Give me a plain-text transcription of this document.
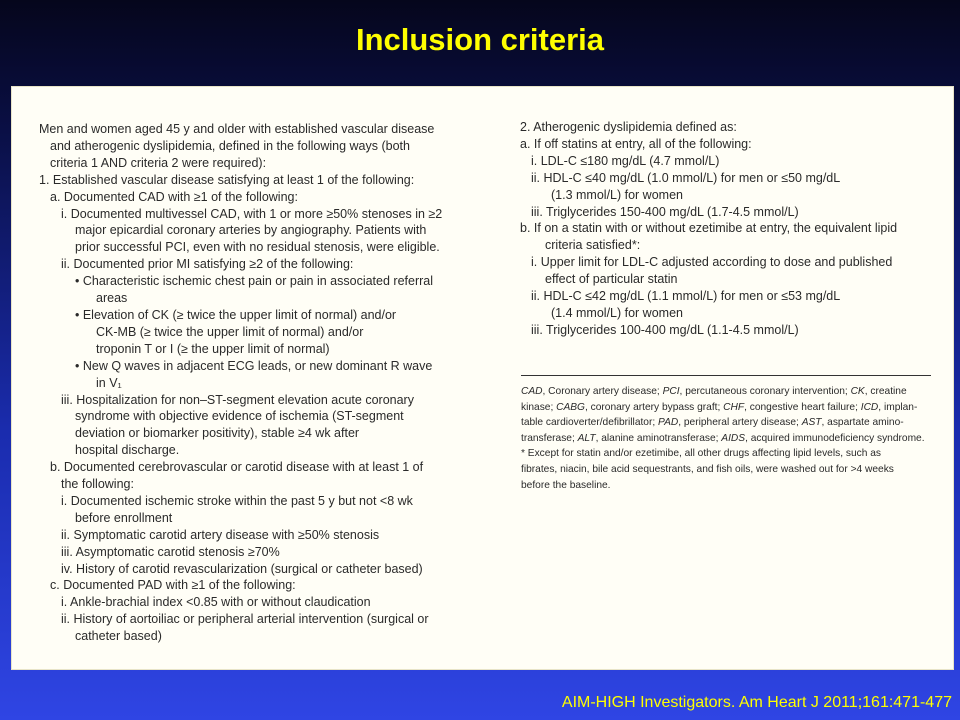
Inclusion criteria
Men and women aged 45 y and older with established vascular disease
and atherogenic dyslipidemia, defined in the following ways (both
criteria 1 AND criteria 2 were required):
1. Established vascular disease satisfying at least 1 of the following:
a. Documented CAD with ≥1 of the following:
i. Documented multivessel CAD, with 1 or more ≥50% stenoses in ≥2
major epicardial coronary arteries by angiography. Patients with
prior successful PCI, even with no residual stenosis, were eligible.
ii. Documented prior MI satisfying ≥2 of the following:
• Characteristic ischemic chest pain or pain in associated referral
areas
• Elevation of CK (≥ twice the upper limit of normal) and/or
CK-MB (≥ twice the upper limit of normal) and/or
troponin T or I (≥ the upper limit of normal)
• New Q waves in adjacent ECG leads, or new dominant R wave
in V₁
iii. Hospitalization for non–ST-segment elevation acute coronary
syndrome with objective evidence of ischemia (ST-segment
deviation or biomarker positivity), stable ≥4 wk after
hospital discharge.
b. Documented cerebrovascular or carotid disease with at least 1 of
the following:
i. Documented ischemic stroke within the past 5 y but not <8 wk
before enrollment
ii. Symptomatic carotid artery disease with ≥50% stenosis
iii. Asymptomatic carotid stenosis ≥70%
iv. History of carotid revascularization (surgical or catheter based)
c. Documented PAD with ≥1 of the following:
i. Ankle-brachial index <0.85 with or without claudication
ii. History of aortoiliac or peripheral arterial intervention (surgical or
catheter based)
2. Atherogenic dyslipidemia defined as:
a. If off statins at entry, all of the following:
i. LDL-C ≤180 mg/dL (4.7 mmol/L)
ii. HDL-C ≤40 mg/dL (1.0 mmol/L) for men or ≤50 mg/dL
(1.3 mmol/L) for women
iii. Triglycerides 150-400 mg/dL (1.7-4.5 mmol/L)
b. If on a statin with or without ezetimibe at entry, the equivalent lipid
criteria satisfied*:
i. Upper limit for LDL-C adjusted according to dose and published
effect of particular statin
ii. HDL-C ≤42 mg/dL (1.1 mmol/L) for men or ≤53 mg/dL
(1.4 mmol/L) for women
iii. Triglycerides 100-400 mg/dL (1.1-4.5 mmol/L)
CAD, Coronary artery disease; PCI, percutaneous coronary intervention; CK, creatine
kinase; CABG, coronary artery bypass graft; CHF, congestive heart failure; ICD, implan-
table cardioverter/defibrillator; PAD, peripheral artery disease; AST, aspartate amino-
transferase; ALT, alanine aminotransferase; AIDS, acquired immunodeficiency syndrome.
* Except for statin and/or ezetimibe, all other drugs affecting lipid levels, such as
fibrates, niacin, bile acid sequestrants, and fish oils, were washed out for >4 weeks
before the baseline.
AIM-HIGH Investigators. Am Heart J 2011;161:471-477
